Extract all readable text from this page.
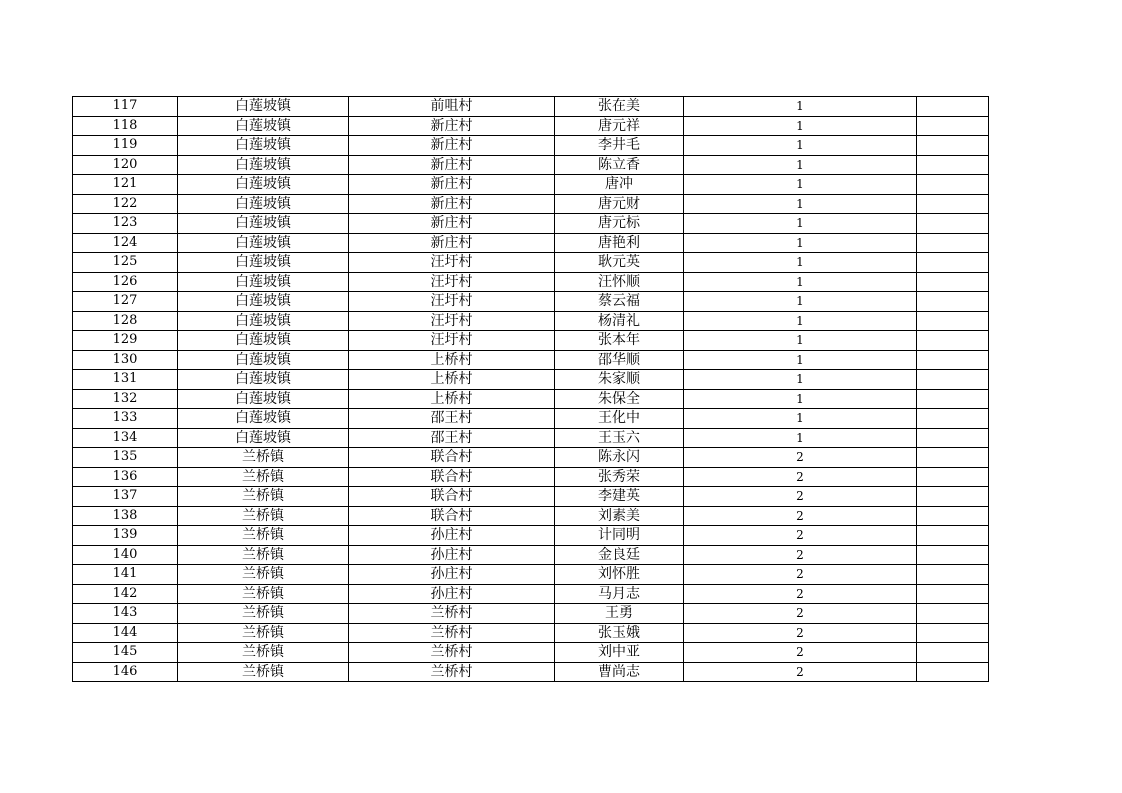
117	白莲坡镇	前咀村	张在美	1	
118	白莲坡镇	新庄村	唐元祥	1	
119	白莲坡镇	新庄村	李井毛	1	
120	白莲坡镇	新庄村	陈立香	1	
121	白莲坡镇	新庄村	唐冲	1	
122	白莲坡镇	新庄村	唐元财	1	
123	白莲坡镇	新庄村	唐元标	1	
124	白莲坡镇	新庄村	唐艳利	1	
125	白莲坡镇	汪圩村	耿元英	1	
126	白莲坡镇	汪圩村	汪怀顺	1	
127	白莲坡镇	汪圩村	蔡云福	1	
128	白莲坡镇	汪圩村	杨清礼	1	
129	白莲坡镇	汪圩村	张本年	1	
130	白莲坡镇	上桥村	邵华顺	1	
131	白莲坡镇	上桥村	朱家顺	1	
132	白莲坡镇	上桥村	朱保全	1	
133	白莲坡镇	邵王村	王化中	1	
134	白莲坡镇	邵王村	王玉六	1	
135	兰桥镇	联合村	陈永闪	2	
136	兰桥镇	联合村	张秀荣	2	
137	兰桥镇	联合村	李建英	2	
138	兰桥镇	联合村	刘素美	2	
139	兰桥镇	孙庄村	计同明	2	
140	兰桥镇	孙庄村	金良廷	2	
141	兰桥镇	孙庄村	刘怀胜	2	
142	兰桥镇	孙庄村	马月志	2	
143	兰桥镇	兰桥村	王勇	2	
144	兰桥镇	兰桥村	张玉娥	2	
145	兰桥镇	兰桥村	刘中亚	2	
146	兰桥镇	兰桥村	曹尚志	2	
